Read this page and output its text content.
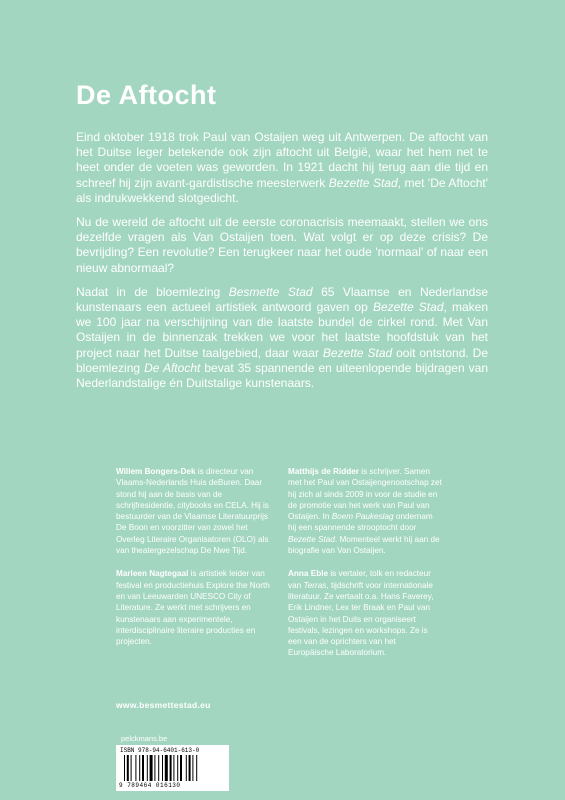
De Aftocht

Eind oktober 1918 trok Paul van Ostaijen weg uit Antwerpen. De aftocht van het Duitse leger betekende ook zijn aftocht uit België, waar het hem net te heet onder de voeten was geworden. In 1921 dacht hij terug aan die tijd en schreef hij zijn avant-gardistische meesterwerk Bezette Stad, met 'De Aftocht' als indrukwekkend slotgedicht.

Nu de wereld de aftocht uit de eerste coronacrisis meemaakt, stellen we ons dezelfde vragen als Van Ostaijen toen. Wat volgt er op deze crisis? De bevrijding? Een revolutie? Een terugkeer naar het oude 'normaal' of naar een nieuw abnormaal?

Nadat in de bloemlezing Besmette Stad 65 Vlaamse en Nederlandse kunstenaars een actueel artistiek antwoord gaven op Bezette Stad, maken we 100 jaar na verschijning van die laatste bundel de cirkel rond. Met Van Ostaijen in de binnenzak trekken we voor het laatste hoofdstuk van het project naar het Duitse taalgebied, daar waar Bezette Stad ooit ontstond. De bloemlezing De Aftocht bevat 35 spannende en uiteenlopende bijdragen van Nederlandstalige én Duitstalige kunstenaars.

Willem Bongers-Dek is directeur van Vlaams-Nederlands Huis deBuren. Daar stond hij aan de basis van de schrijfresidentie, citybooks en CELA. Hij is bestuurder van de Vlaamse Literatuurprijs De Boon en voorzitter van zowel het Overleg Literaire Organisatoren (OLO) als van theatergezelschap De Nwe Tijd.

Marleen Nagtegaal is artistiek leider van festival en productiehuis Explore the North en van Leeuwarden UNESCO City of Literature. Ze werkt met schrijvers en kunstenaars aan experimentele, interdisciplinaire literaire producties en projecten.

Matthijs de Ridder is schrijver. Samen met het Paul van Ostaijengenootschap zet hij zich al sinds 2009 in voor de studie en de promotie van het werk van Paul van Ostaijen. In Boem Paukeslag ondernam hij een spannende strooptocht door Bezette Stad. Momenteel werkt hij aan de biografie van Van Ostaijen.

Anna Eble is vertaler, tolk en redacteur van Terras, tijdschrift voor internationale literatuur. Ze vertaalt o.a. Hans Faverey, Erik Lindner, Lex ter Braak en Paul van Ostaijen in het Duits en organiseert festivals, lezingen en workshops. Ze is een van de oprichters van het Europäische Laboratorium.

www.besmettestad.eu
pelckmans.be
ISBN 978-94-6401-613-0
9 789464 016130
